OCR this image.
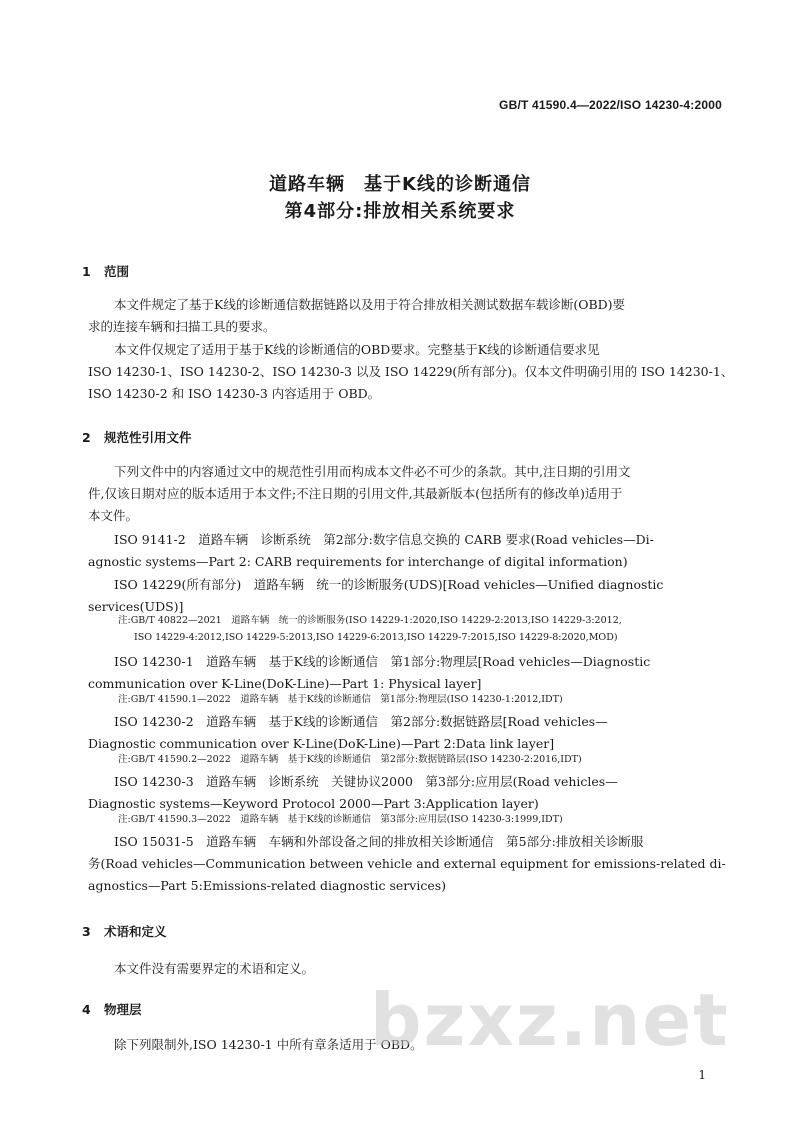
GB/T 41590.4—2022/ISO 14230-4:2000
道路车辆　基于K线的诊断通信
第4部分:排放相关系统要求
1 范围
本文件规定了基于K线的诊断通信数据链路以及用于符合排放相关测试数据车载诊断(OBD)要
求的连接车辆和扫描工具的要求。
本文件仅规定了适用于基于K线的诊断通信的OBD要求。完整基于K线的诊断通信要求见
ISO 14230-1、ISO 14230-2、ISO 14230-3 以及 ISO 14229(所有部分)。仅本文件明确引用的 ISO 14230-1、
ISO 14230-2 和 ISO 14230-3 内容适用于 OBD。
2 规范性引用文件
下列文件中的内容通过文中的规范性引用而构成本文件必不可少的条款。其中,注日期的引用文
件,仅该日期对应的版本适用于本文件;不注日期的引用文件,其最新版本(包括所有的修改单)适用于
本文件。
ISO 9141-2　道路车辆　诊断系统　第2部分:数字信息交换的 CARB 要求(Road vehicles—Di-
agnostic systems—Part 2: CARB requirements for interchange of digital information)
ISO 14229(所有部分)　道路车辆　统一的诊断服务(UDS)[Road vehicles—Unified diagnostic
services(UDS)]
注:GB/T 40822—2021　道路车辆　统一的诊断服务(ISO 14229-1:2020,ISO 14229-2:2013,ISO 14229-3:2012,
ISO 14229-4:2012,ISO 14229-5:2013,ISO 14229-6:2013,ISO 14229-7:2015,ISO 14229-8:2020,MOD)
ISO 14230-1　道路车辆　基于K线的诊断通信　第1部分:物理层[Road vehicles—Diagnostic
communication over K-Line(DoK-Line)—Part 1: Physical layer]
注:GB/T 41590.1—2022　道路车辆　基于K线的诊断通信　第1部分:物理层(ISO 14230-1:2012,IDT)
ISO 14230-2　道路车辆　基于K线的诊断通信　第2部分:数据链路层[Road vehicles—
Diagnostic communication over K-Line(DoK-Line)—Part 2:Data link layer]
注:GB/T 41590.2—2022　道路车辆　基于K线的诊断通信　第2部分:数据链路层(ISO 14230-2:2016,IDT)
ISO 14230-3　道路车辆　诊断系统　关键协议2000　第3部分:应用层(Road vehicles—
Diagnostic systems—Keyword Protocol 2000—Part 3:Application layer)
注:GB/T 41590.3—2022　道路车辆　基于K线的诊断通信　第3部分:应用层(ISO 14230-3:1999,IDT)
ISO 15031-5　道路车辆　车辆和外部设备之间的排放相关诊断通信　第5部分:排放相关诊断服
务(Road vehicles—Communication between vehicle and external equipment for emissions-related di-
agnostics—Part 5:Emissions-related diagnostic services)
3 术语和定义
本文件没有需要界定的术语和定义。
4 物理层
除下列限制外,ISO 14230-1 中所有章条适用于 OBD。
bzxz.net
1
